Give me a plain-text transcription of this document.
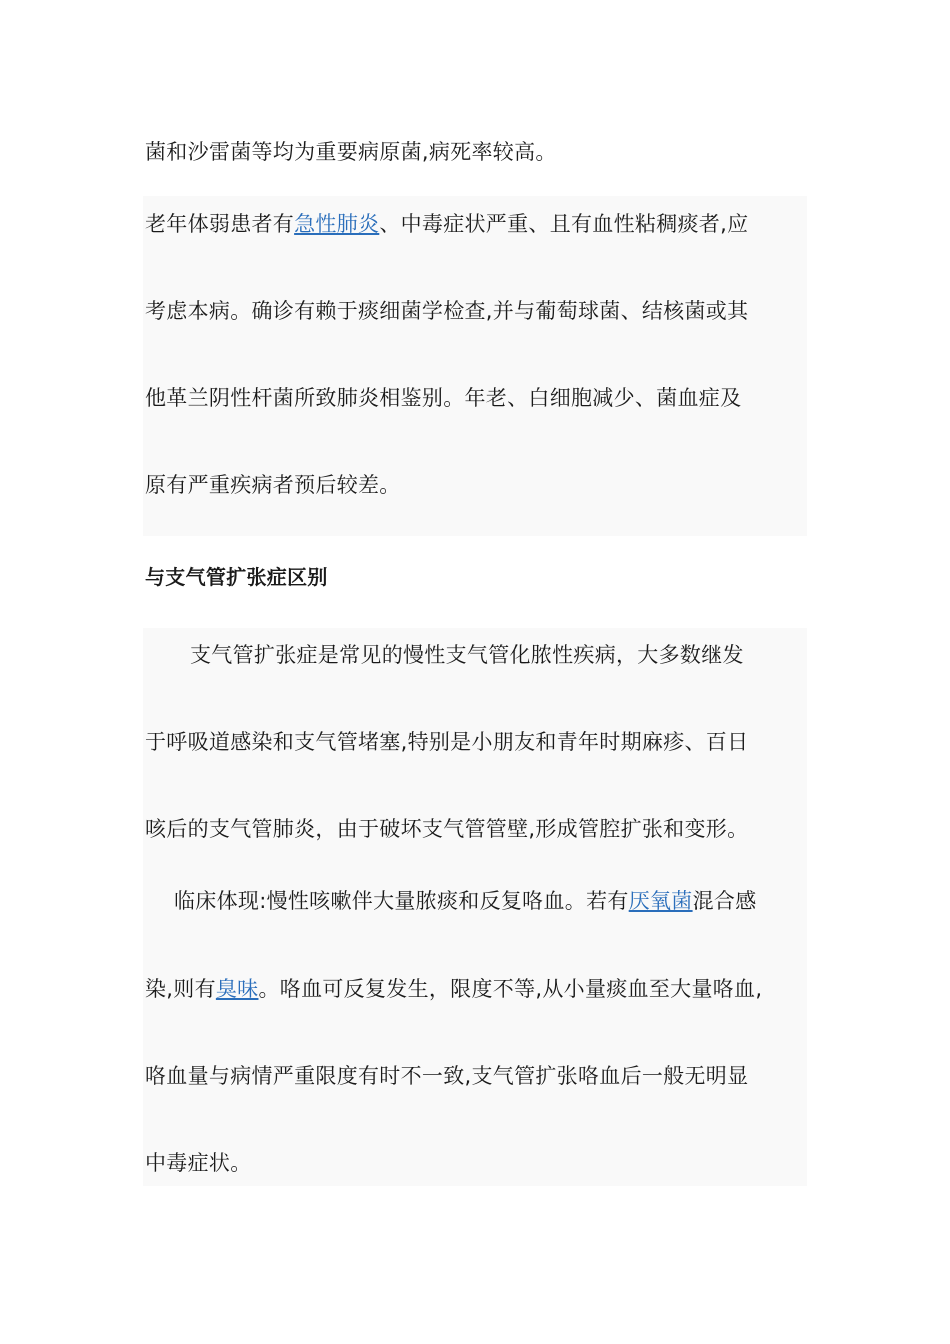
菌和沙雷菌等均为重要病原菌,病死率较高。

老年体弱患者有急性肺炎、中毒症状严重、且有血性粘稠痰者,应

考虑本病。确诊有赖于痰细菌学检查,并与葡萄球菌、结核菌或其

他革兰阴性杆菌所致肺炎相鉴别。年老、白细胞减少、菌血症及

原有严重疾病者预后较差。

与支气管扩张症区别

支气管扩张症是常见的慢性支气管化脓性疾病，大多数继发

于呼吸道感染和支气管堵塞,特别是小朋友和青年时期麻疹、百日

咳后的支气管肺炎，由于破坏支气管管壁,形成管腔扩张和变形。

临床体现:慢性咳嗽伴大量脓痰和反复咯血。若有厌氧菌混合感

染,则有臭味。咯血可反复发生，限度不等,从小量痰血至大量咯血,

咯血量与病情严重限度有时不一致,支气管扩张咯血后一般无明显

中毒症状。
